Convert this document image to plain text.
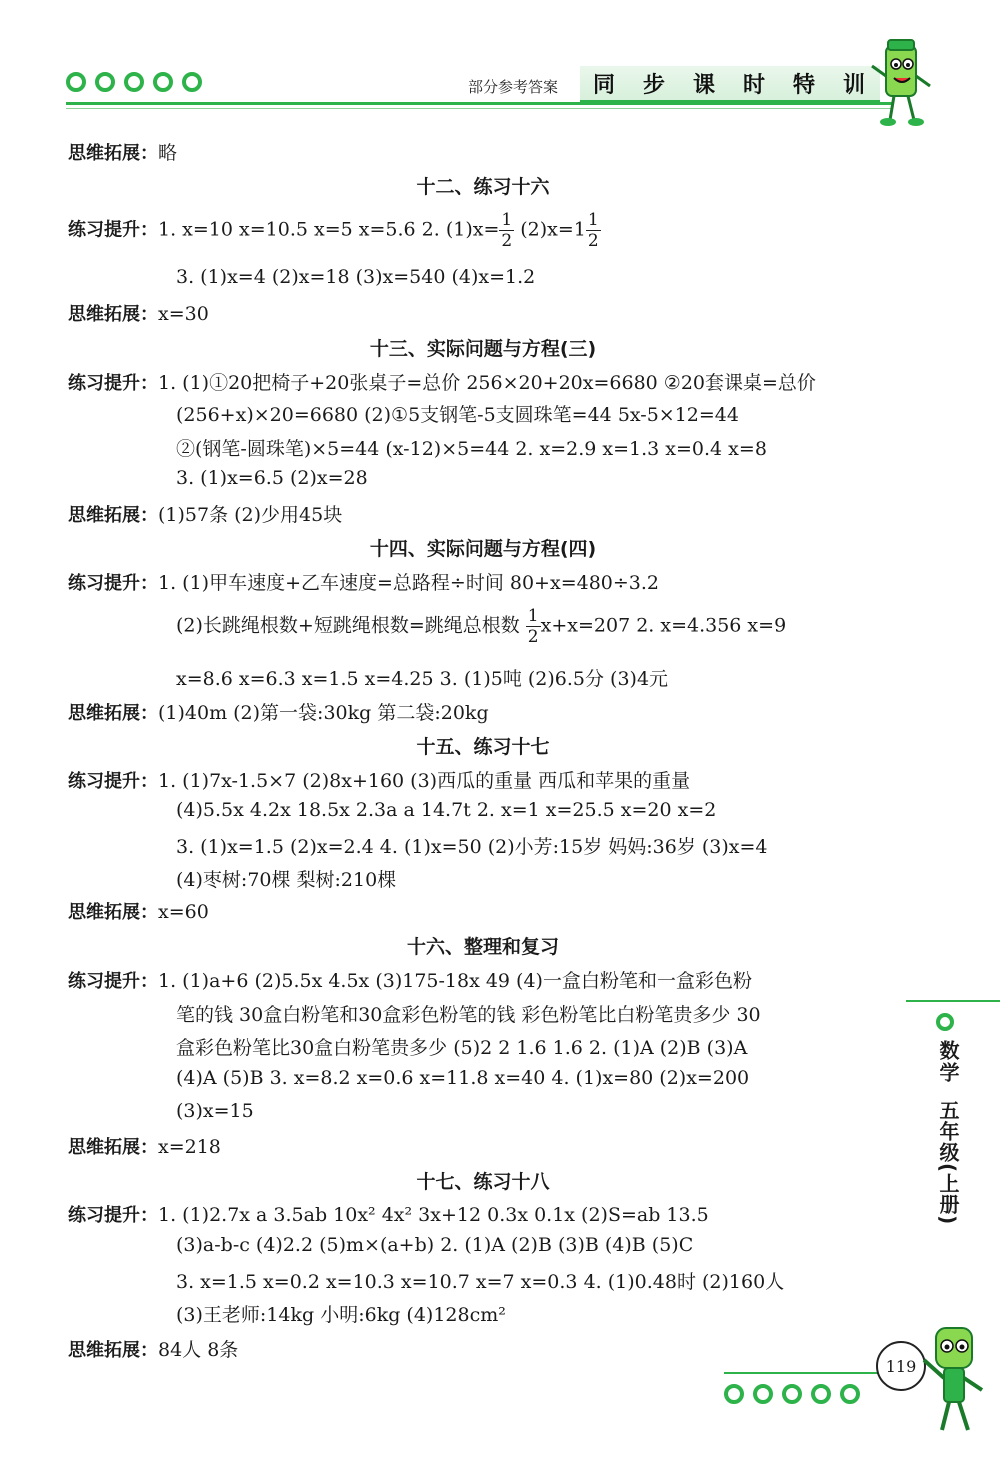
部分参考答案 同 步 课 时 特 训
思维拓展：略
十二、练习十六
练习提升：1. x=10 x=10.5 x=5 x=5.6 2. $(1)x= \frac{1}{2} (2)x=1 \frac{1}{2}$
3. (1)x=4 (2)x=18 (3)x=540 (4)x=1.2
思维拓展：x=30
十三、实际问题与方程(三)
练习提升：1. (1)①20把椅子+20张桌子=总价 256×20+20x=6680 ②20套课桌=总价
(256+x)×20=6680 (2)①5支钢笔-5支圆珠笔=44 5x-5×12=44
②(钢笔-圆珠笔)×5=44 (x-12)×5=44 2. x=2.9 x=1.3 x=0.4 x=8
3. (1)x=6.5 (2)x=28
思维拓展：(1)57条 (2)少用45块
十四、实际问题与方程(四)
练习提升：1. (1)甲车速度+乙车速度=总路程÷时间 80+x=480÷3.2
(2)长跳绳根数+短跳绳根数=跳绳总根数 $\frac{1}{2} x+x=207$ 2. x=4.356 x=9
x=8.6 x=6.3 x=1.5 x=4.25 3. (1)5吨 (2)6.5分 (3)4元
思维拓展：(1)40m (2)第一袋:30kg 第二袋:20kg
十五、练习十七
练习提升：1. (1)7x-1.5×7 (2)8x+160 (3)西瓜的重量 西瓜和苹果的重量
(4)5.5x 4.2x 18.5x 2.3a a 14.7t 2. x=1 x=25.5 x=20 x=2
3. (1)x=1.5 (2)x=2.4 4. (1)x=50 (2)小芳:15岁 妈妈:36岁 (3)x=4
(4)枣树:70棵 梨树:210棵
思维拓展：x=60
十六、整理和复习
练习提升：1. (1)a+6 (2)5.5x 4.5x (3)175-18x 49 (4)一盒白粉笔和一盒彩色粉
笔的钱 30盒白粉笔和30盒彩色粉笔的钱 彩色粉笔比白粉笔贵多少 30
盒彩色粉笔比30盒白粉笔贵多少 (5)2 2 1.6 1.6 2. (1)A (2)B (3)A
(4)A (5)B 3. x=8.2 x=0.6 x=11.8 x=40 4. (1)x=80 (2)x=200
(3)x=15
思维拓展：x=218
十七、练习十八
练习提升：1. (1)2.7x a 3.5ab 10x² 4x² 3x+12 0.3x 0.1x (2)S=ab 13.5
(3)a-b-c (4)2.2 (5)m×(a+b) 2. (1)A (2)B (3)B (4)B (5)C
3. x=1.5 x=0.2 x=10.3 x=10.7 x=7 x=0.3 4. (1)0.48时 (2)160人
(3)王老师:14kg 小明:6kg (4)128cm²
思维拓展：84人 8条
数学
五年级(上册)
119
